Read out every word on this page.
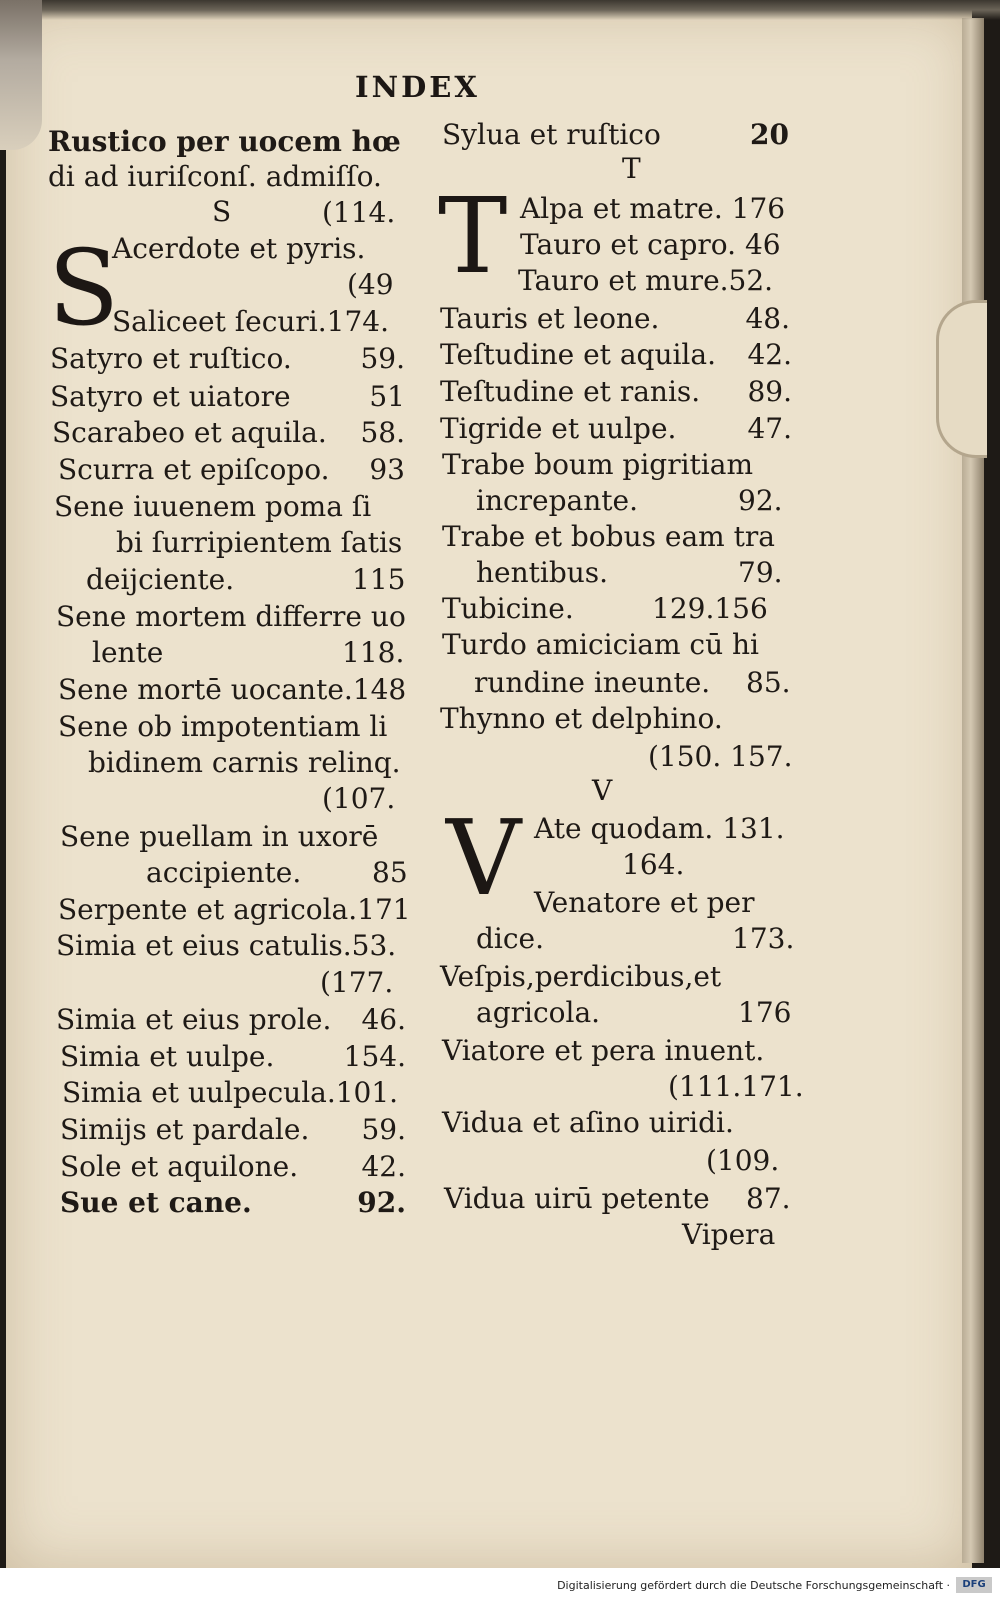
INDEX
Rustico per uocem hœ
di ad iuriſconſ. admiſſo.
S	(114.
S
Acerdote et pyris.
(49
Saliceet ſecuri.174.
Satyro et ruſtico. 59.
Satyro et uiatore	51
Scarabeo et aquila. 58.
Scurra et epiſcopo. 93
Sene iuuenem poma ſi
bi ſurripientem ſatis
deijciente.	115
Sene mortem differre uo
lente	118.
Sene mortē uocante.148
Sene ob impotentiam li
bidinem carnis relinq.
(107.
Sene puellam in uxorē
accipiente.	85
Serpente et agricola.171
Simia et eius catulis.53.
(177.
Simia et eius prole. 46.
Simia et uulpe. 154.
Simia et uulpecula.101.
Simijs et pardale. 59.
Sole et aquilone. 42.
Sue et cane.	92.
Sylua et ruſtico	20
T
T Alpa et matre. 176
Tauro et capro. 46
Tauro et mure.52.
Tauris et leone.	48.
Teſtudine et aquila. 42.
Teſtudine et ranis. 89.
Tigride et uulpe.	47.
Trabe boum pigritiam
increpante.	92.
Trabe et bobus eam tra
hentibus.	79.
Tubicine.	129.156
Turdo amiciciam cū hi
rundine ineunte. 85.
Thynno et delphino.
(150. 157.
V
V Ate quodam. 131.
164.
Venatore et per
dice.	173.
Veſpis,perdicibus,et
agricola.	176
Viatore et pera inuent.
(111.171.
Vidua et aſino uiridi.
(109.
Vidua uirū petente 87.
Vipera
Digitalisierung gefördert durch die Deutsche Forschungsgemeinschaft ·	DFG
